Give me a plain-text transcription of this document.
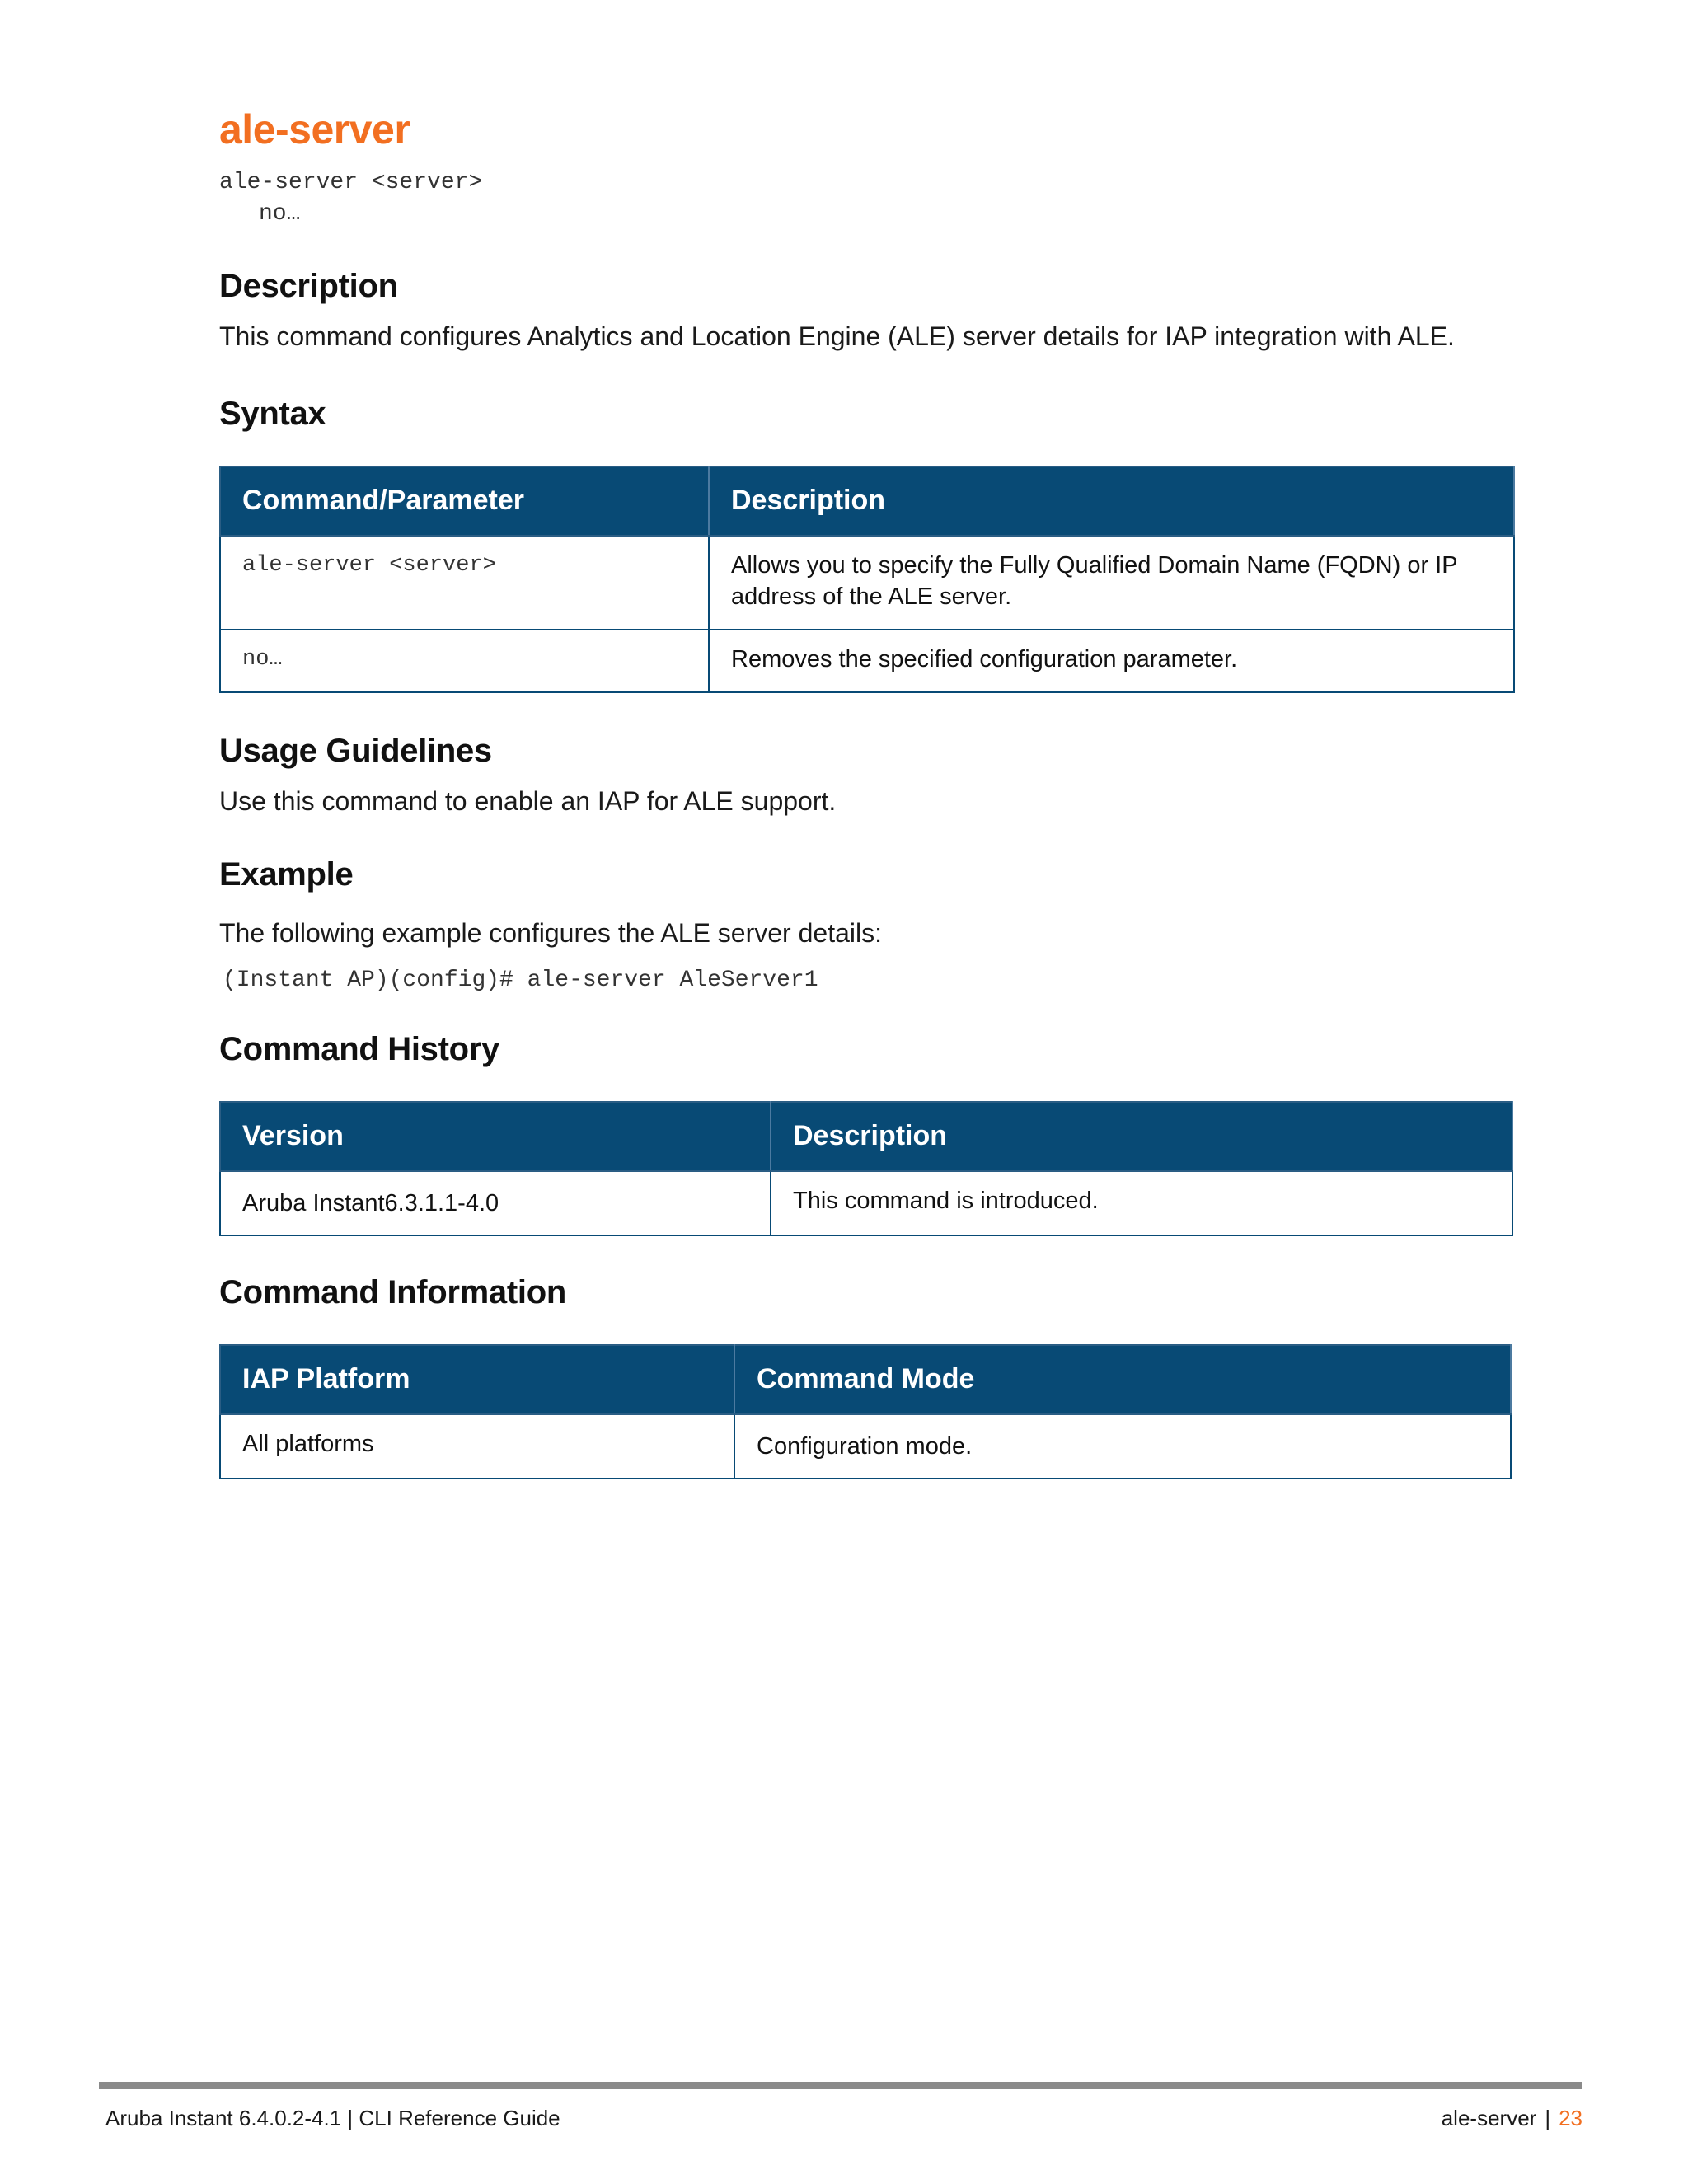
ale-server
ale-server <server>
no…
Description

This command configures Analytics and Location Engine (ALE) server details for IAP integration with ALE.

Syntax
Command/Parameter	Description
ale-server <server>	Allows you to specify the Fully Qualified Domain Name (FQDN) or IP address of the ALE server.
no…	Removes the specified configuration parameter.
Usage Guidelines

Use this command to enable an IAP for ALE support.

Example

The following example configures the ALE server details:

(Instant AP)(config)# ale-server AleServer1
Command History
Version	Description
Aruba Instant6.3.1.1-4.0	This command is introduced.
Command Information
IAP Platform	Command Mode
All platforms	Configuration mode.
Aruba Instant 6.4.0.2-4.1 | CLI Reference Guide	ale-server | 23
